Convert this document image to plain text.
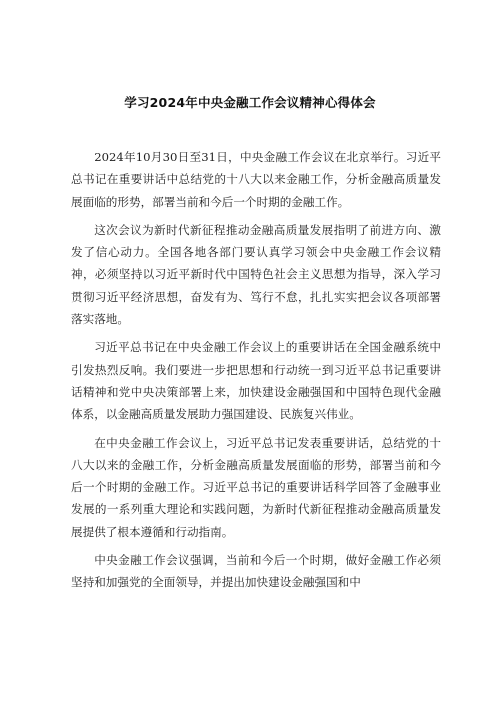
学习2024年中央金融工作会议精神心得体会

2024年10月30日至31日，中央金融工作会议在北京举行。习近平总书记在重要讲话中总结党的十八大以来金融工作，分析金融高质量发展面临的形势，部署当前和今后一个时期的金融工作。

这次会议为新时代新征程推动金融高质量发展指明了前进方向、激发了信心动力。全国各地各部门要认真学习领会中央金融工作会议精神，必须坚持以习近平新时代中国特色社会主义思想为指导，深入学习贯彻习近平经济思想，奋发有为、笃行不怠，扎扎实实把会议各项部署落实落地。

习近平总书记在中央金融工作会议上的重要讲话在全国金融系统中引发热烈反响。我们要进一步把思想和行动统一到习近平总书记重要讲话精神和党中央决策部署上来，加快建设金融强国和中国特色现代金融体系，以金融高质量发展助力强国建设、民族复兴伟业。

在中央金融工作会议上，习近平总书记发表重要讲话，总结党的十八大以来的金融工作，分析金融高质量发展面临的形势，部署当前和今后一个时期的金融工作。习近平总书记的重要讲话科学回答了金融事业发展的一系列重大理论和实践问题，为新时代新征程推动金融高质量发展提供了根本遵循和行动指南。

中央金融工作会议强调，当前和今后一个时期，做好金融工作必须坚持和加强党的全面领导，并提出加快建设金融强国和中
